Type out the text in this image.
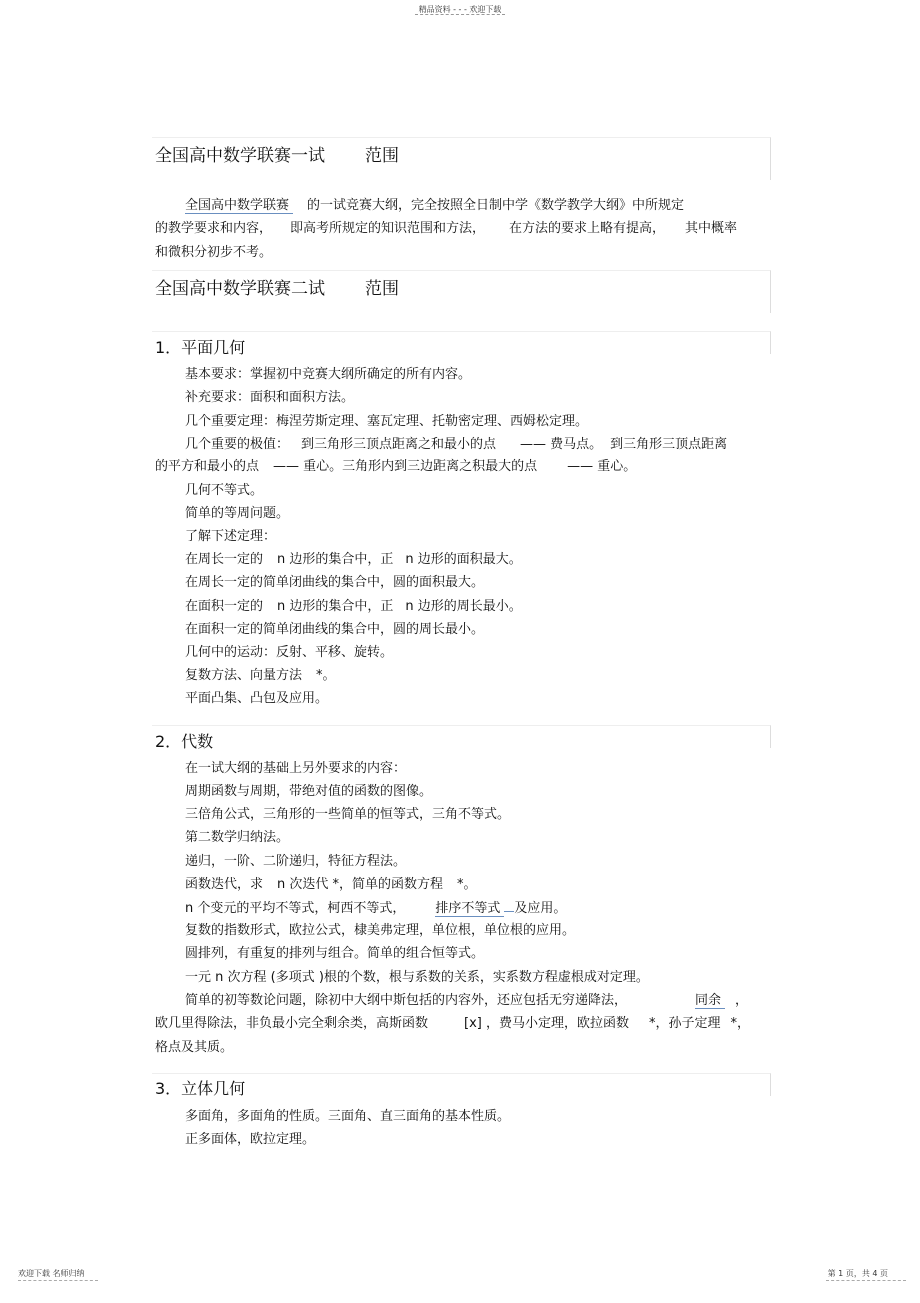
精品资料 - - - 欢迎下载
欢迎下载 名师归纳	第 1 页，共 4 页
全国高中数学联赛一试 范围
全国高中数学联赛 的一试竞赛大纲，完全按照全日制中学《数学教学大纲》中所规定
的教学要求和内容， 即高考所规定的知识范围和方法， 在方法的要求上略有提高， 其中概率
和微积分初步不考。
全国高中数学联赛二试 范围
1．平面几何
基本要求：掌握初中竞赛大纲所确定的所有内容。
补充要求：面积和面积方法。
几个重要定理：梅涅劳斯定理、塞瓦定理、托勒密定理、西姆松定理。
几个重要的极值： 到三角形三顶点距离之和最小的点 —— 费马点。 到三角形三顶点距离
的平方和最小的点 —— 重心。三角形内到三边距离之积最大的点 —— 重心。
几何不等式。
简单的等周问题。
了解下述定理：
在周长一定的 n 边形的集合中，正 n 边形的面积最大。
在周长一定的简单闭曲线的集合中，圆的面积最大。
在面积一定的 n 边形的集合中，正 n 边形的周长最小。
在面积一定的简单闭曲线的集合中，圆的周长最小。
几何中的运动：反射、平移、旋转。
复数方法、向量方法 *。
平面凸集、凸包及应用。
2．代数
在一试大纲的基础上另外要求的内容：
周期函数与周期，带绝对值的函数的图像。
三倍角公式，三角形的一些简单的恒等式，三角不等式。
第二数学归纳法。
递归，一阶、二阶递归，特征方程法。
函数迭代，求 n 次迭代 *，简单的函数方程 *。
n 个变元的平均不等式，柯西不等式， 排序不等式 及应用。
复数的指数形式，欧拉公式，棣美弗定理，单位根，单位根的应用。
圆排列，有重复的排列与组合。简单的组合恒等式。
一元 n 次方程 (多项式 )根的个数，根与系数的关系，实系数方程虚根成对定理。
简单的初等数论问题，除初中大纲中斯包括的内容外，还应包括无穷递降法，	同余 ，
欧几里得除法，非负最小完全剩余类，高斯函数	[x] ，费马小定理，欧拉函数 *，孙子定理 *，
格点及其质。
3．立体几何
多面角，多面角的性质。三面角、直三面角的基本性质。
正多面体，欧拉定理。
